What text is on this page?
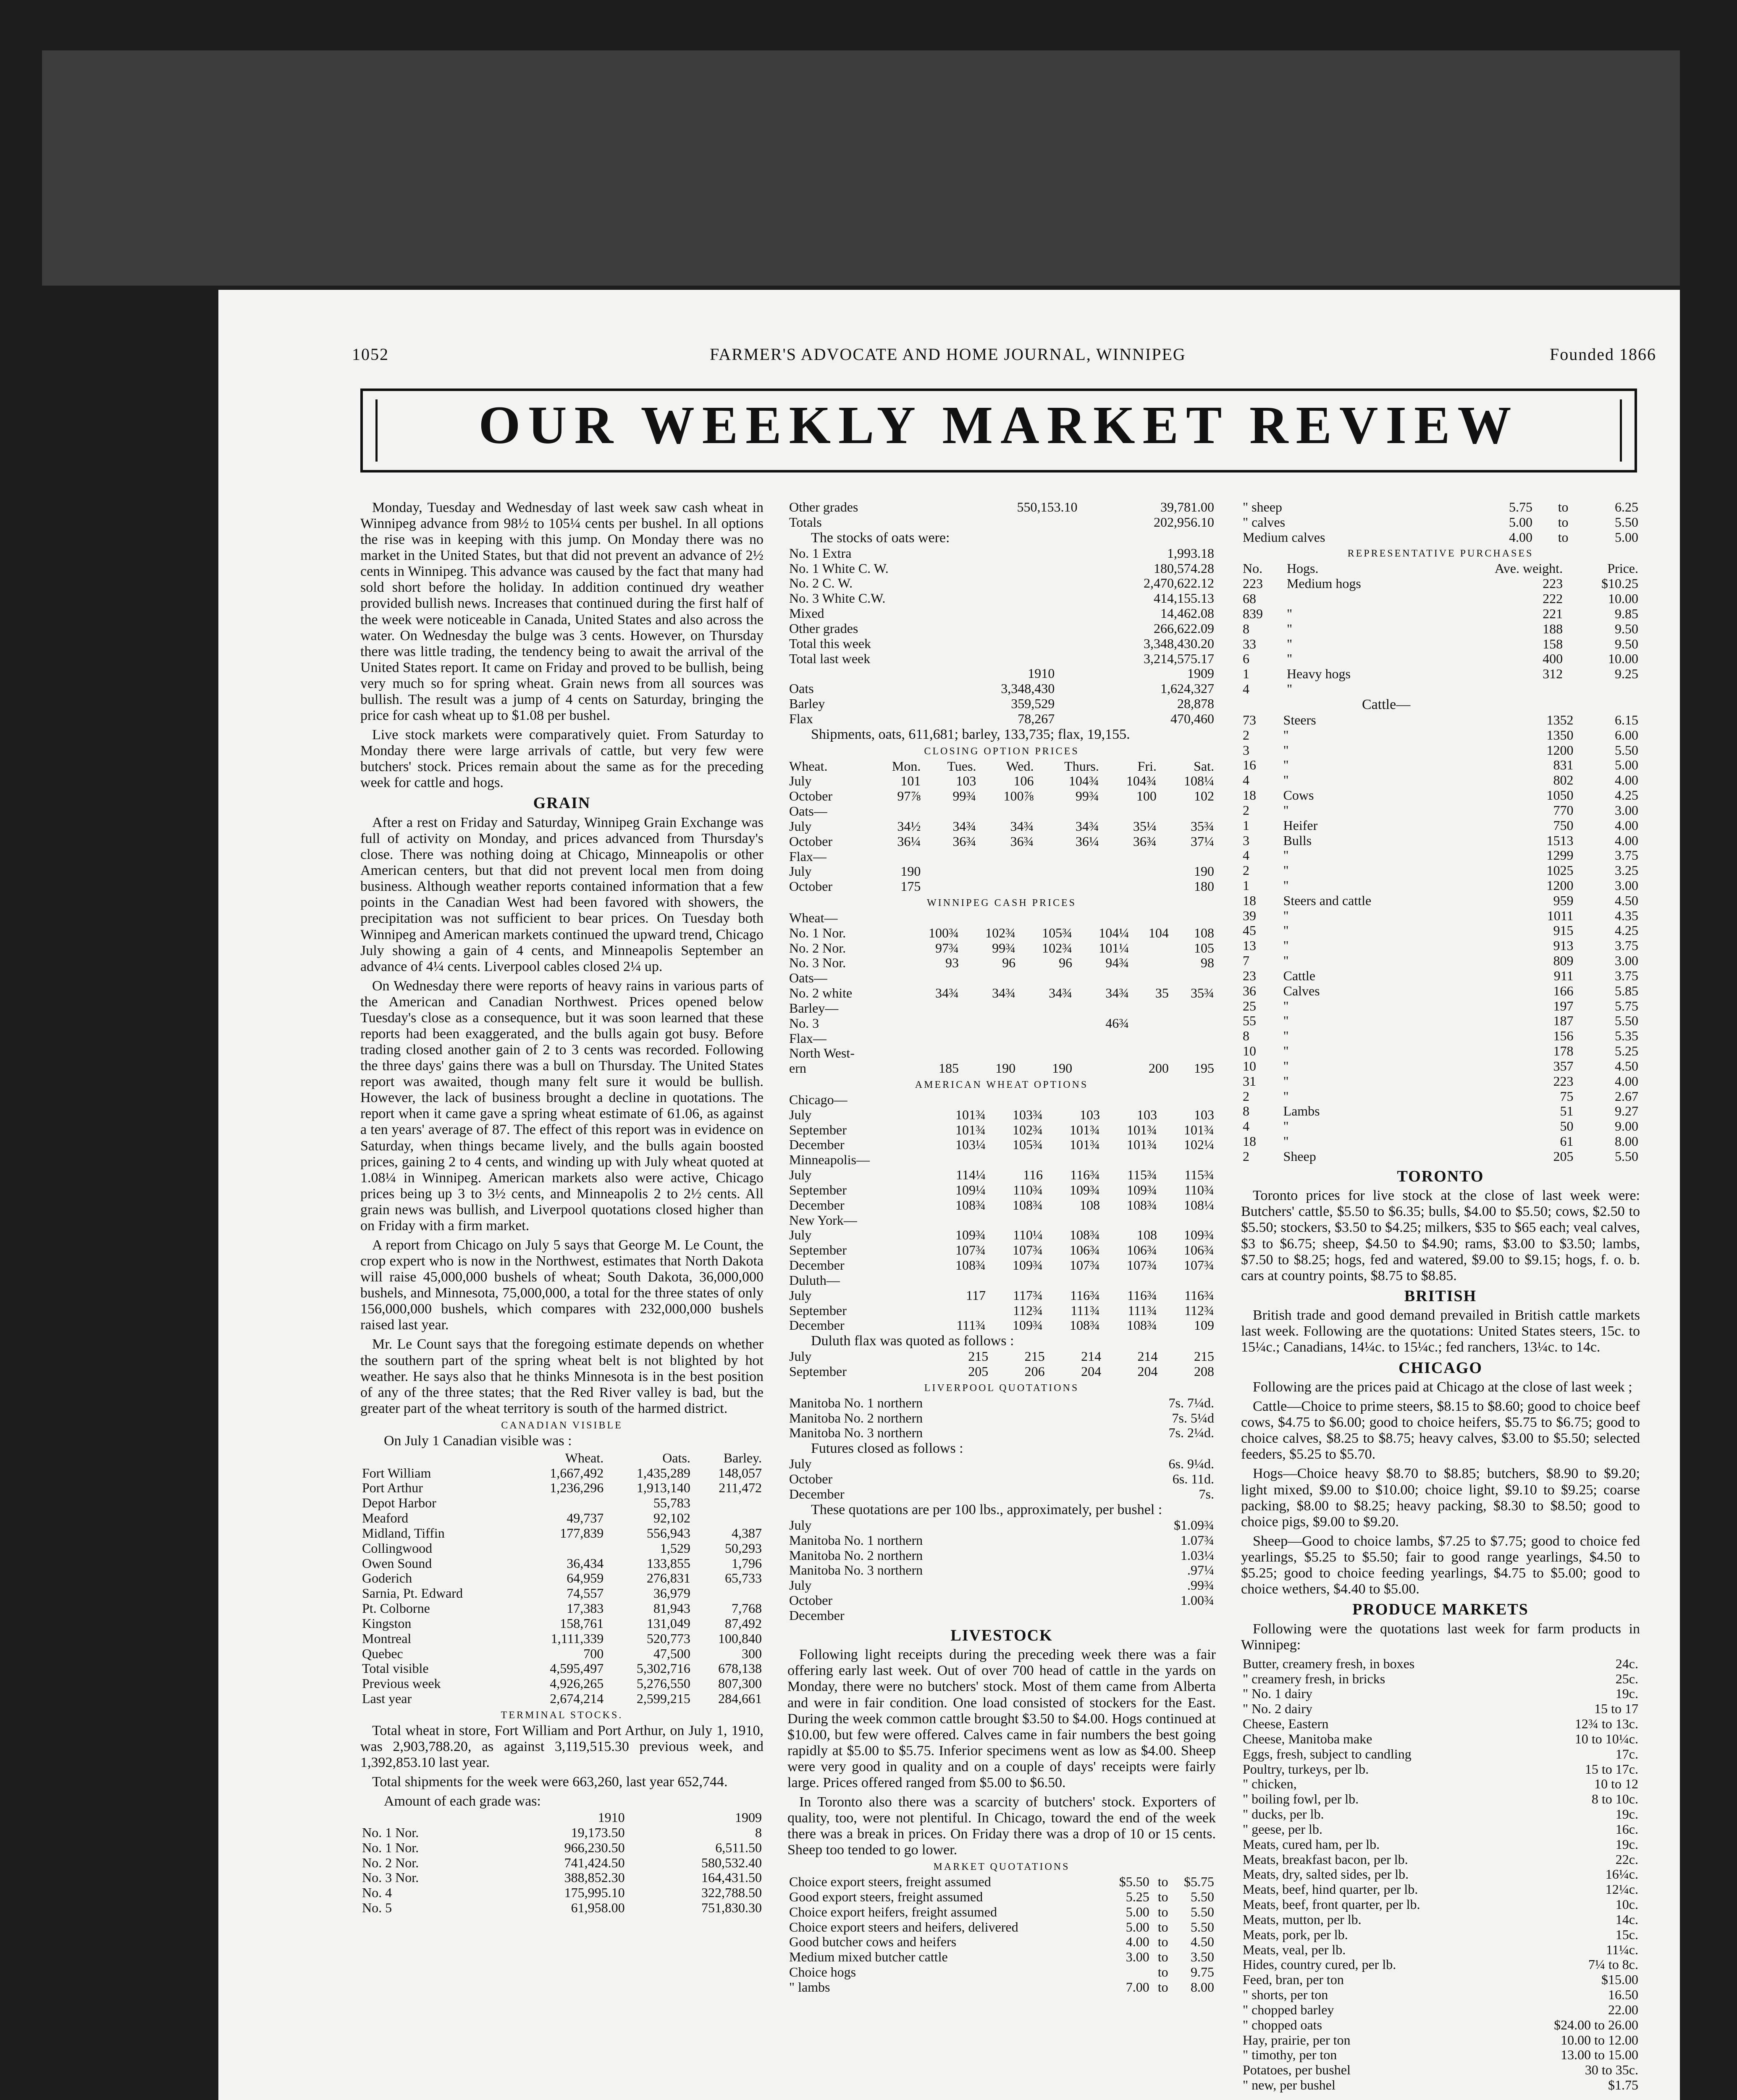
1052	FARMER'S ADVOCATE AND HOME JOURNAL, WINNIPEG	Founded 1866
OUR WEEKLY MARKET REVIEW

Monday, Tuesday and Wednesday of last week saw cash wheat in Winnipeg advance from 98½ to 105¼ cents per bushel. In all options the rise was in keeping with this jump. On Monday there was no market in the United States, but that did not prevent an advance of 2½ cents in Winnipeg. This advance was caused by the fact that many had sold short before the holiday. In addition continued dry weather provided bullish news. Increases that continued during the first half of the week were noticeable in Canada, United States and also across the water. On Wednesday the bulge was 3 cents. However, on Thursday there was little trading, the tendency being to await the arrival of the United States report. It came on Friday and proved to be bullish, being very much so for spring wheat. Grain news from all sources was bullish. The result was a jump of 4 cents on Saturday, bringing the price for cash wheat up to $1.08 per bushel.

Live stock markets were comparatively quiet. From Saturday to Monday there were large arrivals of cattle, but very few were butchers' stock. Prices remain about the same as for the preceding week for cattle and hogs.

GRAIN

After a rest on Friday and Saturday, Winnipeg Grain Exchange was full of activity on Monday, and prices advanced from Thursday's close. There was nothing doing at Chicago, Minneapolis or other American centers, but that did not prevent local men from doing business. Although weather reports contained information that a few points in the Canadian West had been favored with showers, the precipitation was not sufficient to bear prices. On Tuesday both Winnipeg and American markets continued the upward trend, Chicago July showing a gain of 4 cents, and Minneapolis September an advance of 4¼ cents. Liverpool cables closed 2¼ up.

On Wednesday there were reports of heavy rains in various parts of the American and Canadian Northwest. Prices opened below Tuesday's close as a consequence, but it was soon learned that these reports had been exaggerated, and the bulls again got busy. Before trading closed another gain of 2 to 3 cents was recorded. Following the three days' gains there was a bull on Thursday. The United States report was awaited, though many felt sure it would be bullish. However, the lack of business brought a decline in quotations. The report when it came gave a spring wheat estimate of 61.06, as against a ten years' average of 87. The effect of this report was in evidence on Saturday, when things became lively, and the bulls again boosted prices, gaining 2 to 4 cents, and winding up with July wheat quoted at 1.08¼ in Winnipeg. American markets also were active, Chicago prices being up 3 to 3½ cents, and Minneapolis 2 to 2½ cents. All grain news was bullish, and Liverpool quotations closed higher than on Friday with a firm market.

A report from Chicago on July 5 says that George M. Le Count, the crop expert who is now in the Northwest, estimates that North Dakota will raise 45,000,000 bushels of wheat; South Dakota, 36,000,000 bushels, and Minnesota, 75,000,000, a total for the three states of only 156,000,000 bushels, which compares with 232,000,000 bushels raised last year.

Mr. Le Count says that the foregoing estimate depends on whether the southern part of the spring wheat belt is not blighted by hot weather. He says also that he thinks Minnesota is in the best position of any of the three states; that the Red River valley is bad, but the greater part of the wheat territory is south of the harmed district.

CANADIAN VISIBLE

On July 1 Canadian visible was :

	Wheat.	Oats.	Barley.
Fort William	1,667,492	1,435,289	148,057
Port Arthur	1,236,296	1,913,140	211,472
Depot Harbor		55,783	
Meaford	49,737	92,102	
Midland, Tiffin	177,839	556,943	4,387
Collingwood		1,529	50,293
Owen Sound	36,434	133,855	1,796
Goderich	64,959	276,831	65,733
Sarnia, Pt. Edward	74,557	36,979	
Pt. Colborne	17,383	81,943	7,768
Kingston	158,761	131,049	87,492
Montreal	1,111,339	520,773	100,840
Quebec	700	47,500	300
Total visible	4,595,497	5,302,716	678,138
Previous week	4,926,265	5,276,550	807,300
Last year	2,674,214	2,599,215	284,661
TERMINAL STOCKS.

Total wheat in store, Fort William and Port Arthur, on July 1, 1910, was 2,903,788.20, as against 3,119,515.30 previous week, and 1,392,853.10 last year.

Total shipments for the week were 663,260, last year 652,744.

Amount of each grade was:

	1910	1909
No. 1 Nor.	19,173.50	8
No. 1 Nor.	966,230.50	6,511.50
No. 2 Nor.	741,424.50	580,532.40
No. 3 Nor.	388,852.30	164,431.50
No. 4	175,995.10	322,788.50
No. 5	61,958.00	751,830.30
Other grades	550,153.10	39,781.00
Totals		202,956.10

The stocks of oats were:

No. 1 Extra	1,993.18
No. 1 White C. W.	180,574.28
No. 2 C. W.	2,470,622.12
No. 3 White C.W.	414,155.13
Mixed	14,462.08
Other grades	266,622.09
Total this week	3,348,430.20
Total last week	3,214,575.17
	1910	1909
Oats	3,348,430	1,624,327
Barley	359,529	28,878
Flax	78,267	470,460

Shipments, oats, 611,681; barley, 133,735; flax, 19,155.

CLOSING OPTION PRICES
Wheat.	Mon.	Tues.	Wed.	Thurs.	Fri.	Sat.
July	101	103	106	104¾	104¾	108¼
October	97⅞	99¾	100⅞	99¾	100	102
Oats—						
July	34½	34¾	34¾	34¾	35¼	35¾
October	36¼	36¾	36¾	36¼	36¾	37¼
Flax—						
July	190					190
October	175					180
WINNIPEG CASH PRICES
Wheat—						
No. 1 Nor.	100¾	102¾	105¾	104¼	104	108
No. 2 Nor.	97¾	99¾	102¾	101¼		105
No. 3 Nor.	93	96	96	94¾		98
Oats—						
No. 2 white	34¾	34¾	34¾	34¾	35	35¾
Barley—						
No. 3				46¾		
Flax—						
North West-						
ern	185	190	190		200	195
AMERICAN WHEAT OPTIONS
Chicago—					
July	101¾	103¾	103	103	103
September	101¾	102¾	101¾	101¾	101¾
December	103¼	105¾	101¾	101¾	102¼
Minneapolis—					
July	114¼	116	116¾	115¾	115¾
September	109¼	110¾	109¾	109¾	110¾
December	108¾	108¾	108	108¾	108¼
New York—					
July	109¾	110¼	108¾	108	109¾
September	107¾	107¾	106¾	106¾	106¾
December	108¾	109¾	107¾	107¾	107¾
Duluth—					
July	117	117¾	116¾	116¾	116¾
September		112¾	111¾	111¾	112¾
December	111¾	109¾	108¾	108¾	109

Duluth flax was quoted as follows :

July	215	215	214	214	215
September	205	206	204	204	208
LIVERPOOL QUOTATIONS
Manitoba No. 1 northern	7s. 7¼d.
Manitoba No. 2 northern	7s. 5¼d
Manitoba No. 3 northern	7s. 2¼d.

Futures closed as follows :

July	6s. 9¼d.
October	6s. 11d.
December	7s.

These quotations are per 100 lbs., approximately, per bushel :

July	$1.09¾
Manitoba No. 1 northern	1.07¾
Manitoba No. 2 northern	1.03¼
Manitoba No. 3 northern	.97¼
July	.99¾
October	1.00¾
December	
LIVESTOCK

Following light receipts during the preceding week there was a fair offering early last week. Out of over 700 head of cattle in the yards on Monday, there were no butchers' stock. Most of them came from Alberta and were in fair condition. One load consisted of stockers for the East. During the week common cattle brought $3.50 to $4.00. Hogs continued at $10.00, but few were offered. Calves came in fair numbers the best going rapidly at $5.00 to $5.75. Inferior specimens went as low as $4.00. Sheep were very good in quality and on a couple of days' receipts were fairly large. Prices offered ranged from $5.00 to $6.50.

In Toronto also there was a scarcity of butchers' stock. Exporters of quality, too, were not plentiful. In Chicago, toward the end of the week there was a break in prices. On Friday there was a drop of 10 or 15 cents. Sheep too tended to go lower.

MARKET QUOTATIONS
Choice export steers, freight assumed	$5.50	to	$5.75
Good export steers, freight assumed	5.25	to	5.50
Choice export heifers, freight assumed	5.00	to	5.50
Choice export steers and heifers, delivered	5.00	to	5.50
Good butcher cows and heifers	4.00	to	4.50
Medium mixed butcher cattle	3.00	to	3.50
Choice hogs		to	9.75
" lambs	7.00	to	8.00
" sheep	5.75	to	6.25
" calves	5.00	to	5.50
Medium calves	4.00	to	5.00
REPRESENTATIVE PURCHASES
No.	Hogs.	Ave. weight.	Price.
223	Medium hogs	223	$10.25
68		222	10.00
839	"	221	9.85
8	"	188	9.50
33	"	158	9.50
6	"	400	10.00
1	Heavy hogs	312	9.25
4	"		

Cattle—

73	Steers	1352	6.15
2	"	1350	6.00
3	"	1200	5.50
16	"	831	5.00
4	"	802	4.00
18	Cows	1050	4.25
2	"	770	3.00
1	Heifer	750	4.00
3	Bulls	1513	4.00
4	"	1299	3.75
2	"	1025	3.25
1	"	1200	3.00
18	Steers and cattle	959	4.50
39	"	1011	4.35
45	"	915	4.25
13	"	913	3.75
7	"	809	3.00
23	Cattle	911	3.75
36	Calves	166	5.85
25	"	197	5.75
55	"	187	5.50
8	"	156	5.35
10	"	178	5.25
10	"	357	4.50
31	"	223	4.00
2	"	75	2.67
8	Lambs	51	9.27
4	"	50	9.00
18	"	61	8.00
2	Sheep	205	5.50
TORONTO

Toronto prices for live stock at the close of last week were: Butchers' cattle, $5.50 to $6.35; bulls, $4.00 to $5.50; cows, $2.50 to $5.50; stockers, $3.50 to $4.25; milkers, $35 to $65 each; veal calves, $3 to $6.75; sheep, $4.50 to $4.90; rams, $3.00 to $3.50; lambs, $7.50 to $8.25; hogs, fed and watered, $9.00 to $9.15; hogs, f. o. b. cars at country points, $8.75 to $8.85.

BRITISH

British trade and good demand prevailed in British cattle markets last week. Following are the quotations: United States steers, 15c. to 15¼c.; Canadians, 14¼c. to 15¼c.; fed ranchers, 13¼c. to 14c.

CHICAGO

Following are the prices paid at Chicago at the close of last week ;

Cattle—Choice to prime steers, $8.15 to $8.60; good to choice beef cows, $4.75 to $6.00; good to choice heifers, $5.75 to $6.75; good to choice calves, $8.25 to $8.75; heavy calves, $3.00 to $5.50; selected feeders, $5.25 to $5.70.

Hogs—Choice heavy $8.70 to $8.85; butchers, $8.90 to $9.20; light mixed, $9.00 to $10.00; choice light, $9.10 to $9.25; coarse packing, $8.00 to $8.25; heavy packing, $8.30 to $8.50; good to choice pigs, $9.00 to $9.20.

Sheep—Good to choice lambs, $7.25 to $7.75; good to choice fed yearlings, $5.25 to $5.50; fair to good range yearlings, $4.50 to $5.25; good to choice feeding yearlings, $4.75 to $5.00; good to choice wethers, $4.40 to $5.00.

PRODUCE MARKETS

Following were the quotations last week for farm products in Winnipeg:

Butter, creamery fresh, in boxes	24c.
" creamery fresh, in bricks	25c.
" No. 1 dairy	19c.
" No. 2 dairy	15 to 17
Cheese, Eastern	12¾ to 13c.
Cheese, Manitoba make	10 to 10¼c.
Eggs, fresh, subject to candling	17c.
Poultry, turkeys, per lb.	15 to 17c.
" chicken,	10 to 12
" boiling fowl, per lb.	8 to 10c.
" ducks, per lb.	19c.
" geese, per lb.	16c.
Meats, cured ham, per lb.	19c.
Meats, breakfast bacon, per lb.	22c.
Meats, dry, salted sides, per lb.	16¼c.
Meats, beef, hind quarter, per lb.	12¼c.
Meats, beef, front quarter, per lb.	10c.
Meats, mutton, per lb.	14c.
Meats, pork, per lb.	15c.
Meats, veal, per lb.	11¼c.
Hides, country cured, per lb.	7¼ to 8c.
Feed, bran, per ton	$15.00
" shorts, per ton	16.50
" chopped barley	22.00
" chopped oats	$24.00 to 26.00
Hay, prairie, per ton	10.00 to 12.00
" timothy, per ton	13.00 to 15.00
Potatoes, per bushel	30 to 35c.
" new, per bushel	$1.75
